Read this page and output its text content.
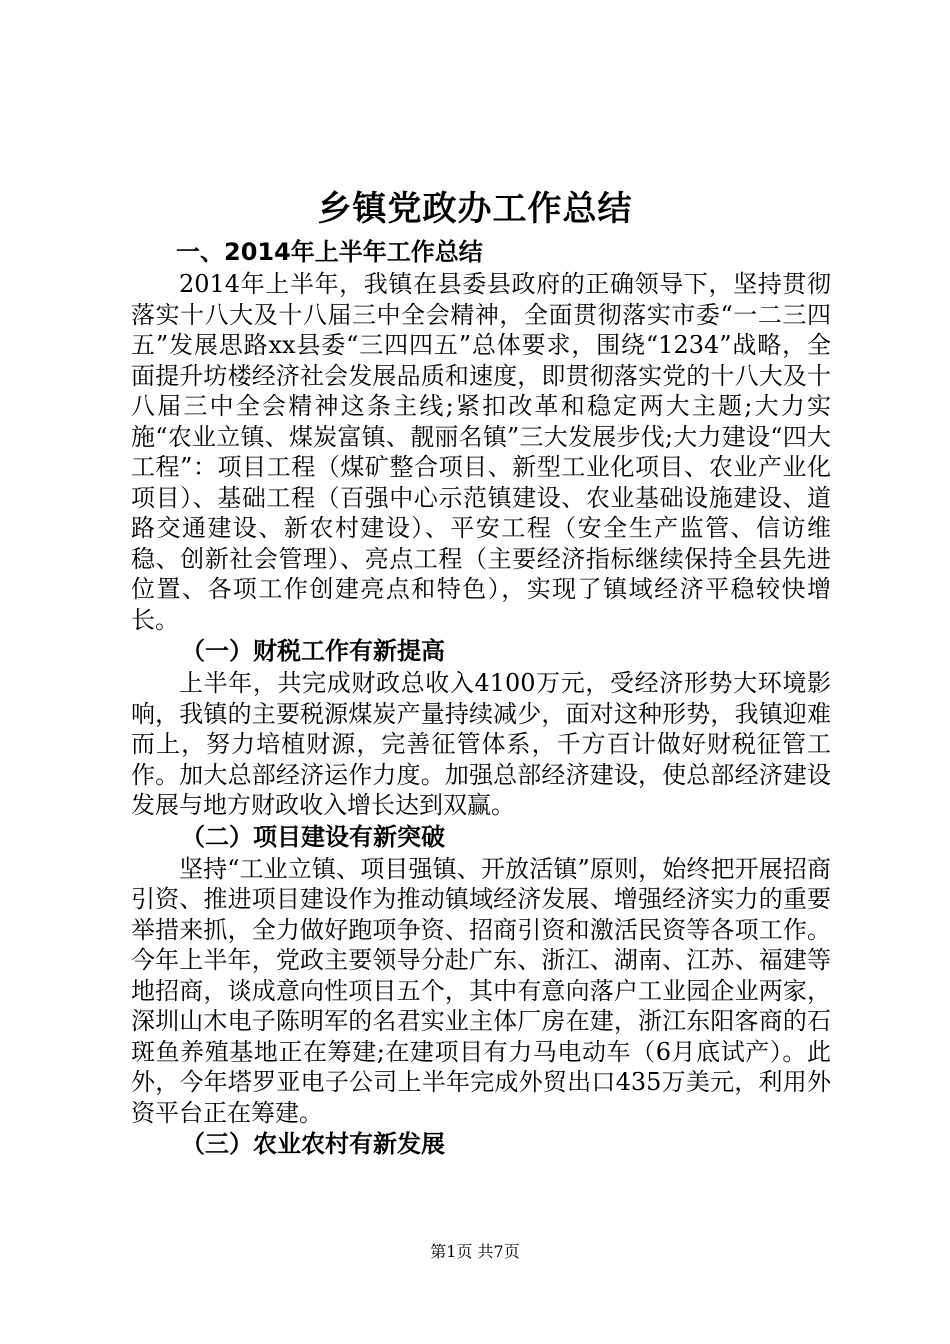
乡镇党政办工作总结
一、2014年上半年工作总结

2014年上半年，我镇在县委县政府的正确领导下，坚持贯彻落实十八大及十八届三中全会精神，全面贯彻落实市委“一二三四五”发展思路xx县委“三四四五”总体要求，围绕“1234”战略，全面提升坊楼经济社会发展品质和速度，即贯彻落实党的十八大及十八届三中全会精神这条主线;紧扣改革和稳定两大主题;大力实施“农业立镇、煤炭富镇、靓丽名镇”三大发展步伐;大力建设“四大工程”：项目工程（煤矿整合项目、新型工业化项目、农业产业化项目）、基础工程（百强中心示范镇建设、农业基础设施建设、道路交通建设、新农村建设）、平安工程（安全生产监管、信访维稳、创新社会管理）、亮点工程（主要经济指标继续保持全县先进位置、各项工作创建亮点和特色），实现了镇域经济平稳较快增长。

（一）财税工作有新提高

上半年，共完成财政总收入4100万元，受经济形势大环境影响，我镇的主要税源煤炭产量持续减少，面对这种形势，我镇迎难而上，努力培植财源，完善征管体系，千方百计做好财税征管工作。加大总部经济运作力度。加强总部经济建设，使总部经济建设发展与地方财政收入增长达到双赢。

（二）项目建设有新突破

坚持“工业立镇、项目强镇、开放活镇”原则，始终把开展招商引资、推进项目建设作为推动镇域经济发展、增强经济实力的重要举措来抓，全力做好跑项争资、招商引资和激活民资等各项工作。今年上半年，党政主要领导分赴广东、浙江、湖南、江苏、福建等地招商，谈成意向性项目五个，其中有意向落户工业园企业两家，深圳山木电子陈明军的名君实业主体厂房在建，浙江东阳客商的石斑鱼养殖基地正在筹建;在建项目有力马电动车（6月底试产）。此外，今年塔罗亚电子公司上半年完成外贸出口435万美元，利用外资平台正在筹建。

（三）农业农村有新发展
第1页 共7页
